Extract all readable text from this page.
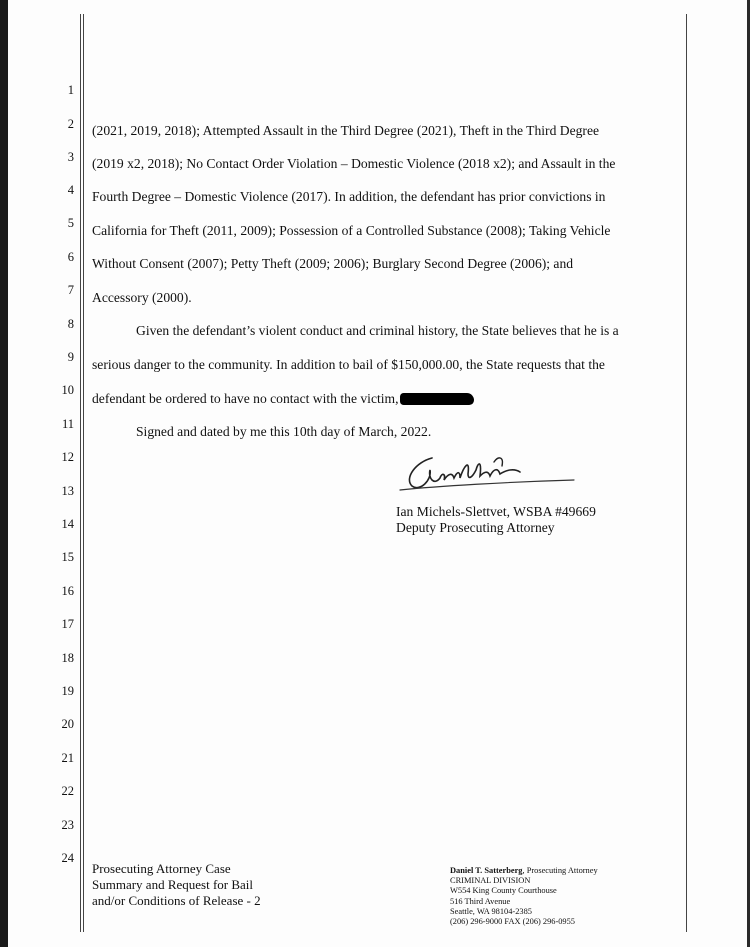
1
2
3
4
5
6
7
8
9
10
11
12
13
14
15
16
17
18
19
20
21
22
23
24
(2021, 2019, 2018); Attempted Assault in the Third Degree (2021), Theft in the Third Degree
(2019 x2, 2018); No Contact Order Violation – Domestic Violence (2018 x2); and Assault in the
Fourth Degree – Domestic Violence (2017). In addition, the defendant has prior convictions in
California for Theft (2011, 2009); Possession of a Controlled Substance (2008); Taking Vehicle
Without Consent (2007); Petty Theft (2009; 2006); Burglary Second Degree (2006); and
Accessory (2000).
Given the defendant’s violent conduct and criminal history, the State believes that he is a
serious danger to the community. In addition to bail of $150,000.00, the State requests that the
defendant be ordered to have no contact with the victim,
Signed and dated by me this 10th day of March, 2022.
Ian Michels-Slettvet, WSBA #49669
Deputy Prosecuting Attorney
Prosecuting Attorney Case
Summary and Request for Bail
and/or Conditions of Release - 2
Daniel T. Satterberg, Prosecuting Attorney
CRIMINAL DIVISION
W554 King County Courthouse
516 Third Avenue
Seattle, WA 98104-2385
(206) 296-9000 FAX (206) 296-0955
